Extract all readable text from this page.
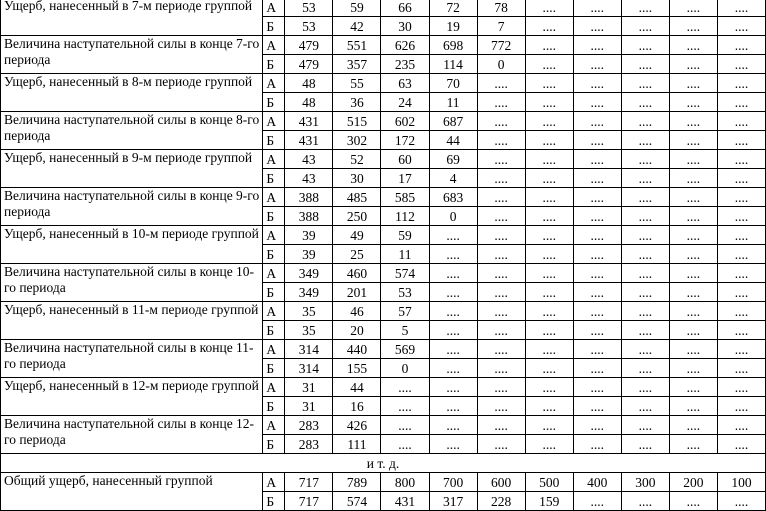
Ущерб, нанесенный в 7-м периоде группой	А	53	59	66	72	78	....	....	....	....	....
	Б	53	42	30	19	7	....	....	....	....	....
Величина наступательной силы в конце 7-го периода	А	479	551	626	698	772	....	....	....	....	....
	Б	479	357	235	114	0	....	....	....	....	....
Ущерб, нанесенный в 8-м периоде группой	А	48	55	63	70	....	....	....	....	....	....
	Б	48	36	24	11	....	....	....	....	....	....
Величина наступательной силы в конце 8-го периода	А	431	515	602	687	....	....	....	....	....	....
	Б	431	302	172	44	....	....	....	....	....	....
Ущерб, нанесенный в 9-м периоде группой	А	43	52	60	69	....	....	....	....	....	....
	Б	43	30	17	4	....	....	....	....	....	....
Величина наступательной силы в конце 9-го периода	А	388	485	585	683	....	....	....	....	....	....
	Б	388	250	112	0	....	....	....	....	....	....
Ущерб, нанесенный в 10-м периоде группой	А	39	49	59	....	....	....	....	....	....	....
	Б	39	25	11	....	....	....	....	....	....	....
Величина наступательной силы в конце 10-го периода	А	349	460	574	....	....	....	....	....	....	....
	Б	349	201	53	....	....	....	....	....	....	....
Ущерб, нанесенный в 11-м периоде группой	А	35	46	57	....	....	....	....	....	....	....
	Б	35	20	5	....	....	....	....	....	....	....
Величина наступательной силы в конце 11-го периода	А	314	440	569	....	....	....	....	....	....	....
	Б	314	155	0	....	....	....	....	....	....	....
Ущерб, нанесенный в 12-м периоде группой	А	31	44	....	....	....	....	....	....	....	....
	Б	31	16	....	....	....	....	....	....	....	....
Величина наступательной силы в конце 12-го периода	А	283	426	....	....	....	....	....	....	....	....
	Б	283	111	....	....	....	....	....	....	....	....
и т. д.											
Общий ущерб, нанесенный группой	А	717	789	800	700	600	500	400	300	200	100
	Б	717	574	431	317	228	159	....	....	....	....
